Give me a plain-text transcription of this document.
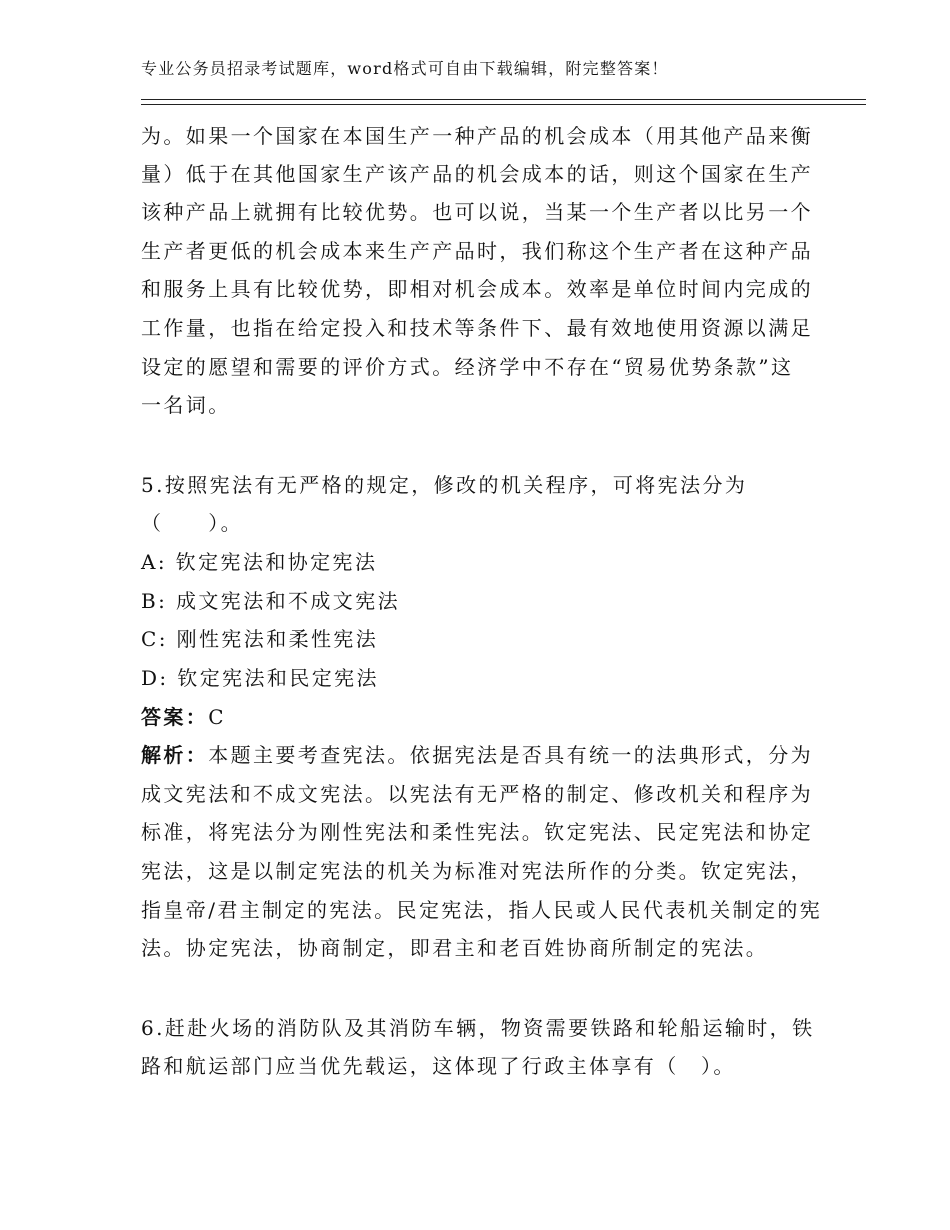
专业公务员招录考试题库，word格式可自由下载编辑，附完整答案！
为。如果一个国家在本国生产一种产品的机会成本（用其他产品来衡
量）低于在其他国家生产该产品的机会成本的话，则这个国家在生产
该种产品上就拥有比较优势。也可以说，当某一个生产者以比另一个
生产者更低的机会成本来生产产品时，我们称这个生产者在这种产品
和服务上具有比较优势，即相对机会成本。效率是单位时间内完成的
工作量，也指在给定投入和技术等条件下、最有效地使用资源以满足
设定的愿望和需要的评价方式。经济学中不存在“贸易优势条款”这
一名词。
5.按照宪法有无严格的规定，修改的机关程序，可将宪法分为
（　　）。
A: 钦定宪法和协定宪法
B: 成文宪法和不成文宪法
C: 刚性宪法和柔性宪法
D: 钦定宪法和民定宪法
答案：C
解析：本题主要考查宪法。依据宪法是否具有统一的法典形式，分为
成文宪法和不成文宪法。以宪法有无严格的制定、修改机关和程序为
标准，将宪法分为刚性宪法和柔性宪法。钦定宪法、民定宪法和协定
宪法，这是以制定宪法的机关为标准对宪法所作的分类。钦定宪法，
指皇帝/君主制定的宪法。民定宪法，指人民或人民代表机关制定的宪
法。协定宪法，协商制定，即君主和老百姓协商所制定的宪法。
6.赶赴火场的消防队及其消防车辆，物资需要铁路和轮船运输时，铁
路和航运部门应当优先载运，这体现了行政主体享有（　）。
